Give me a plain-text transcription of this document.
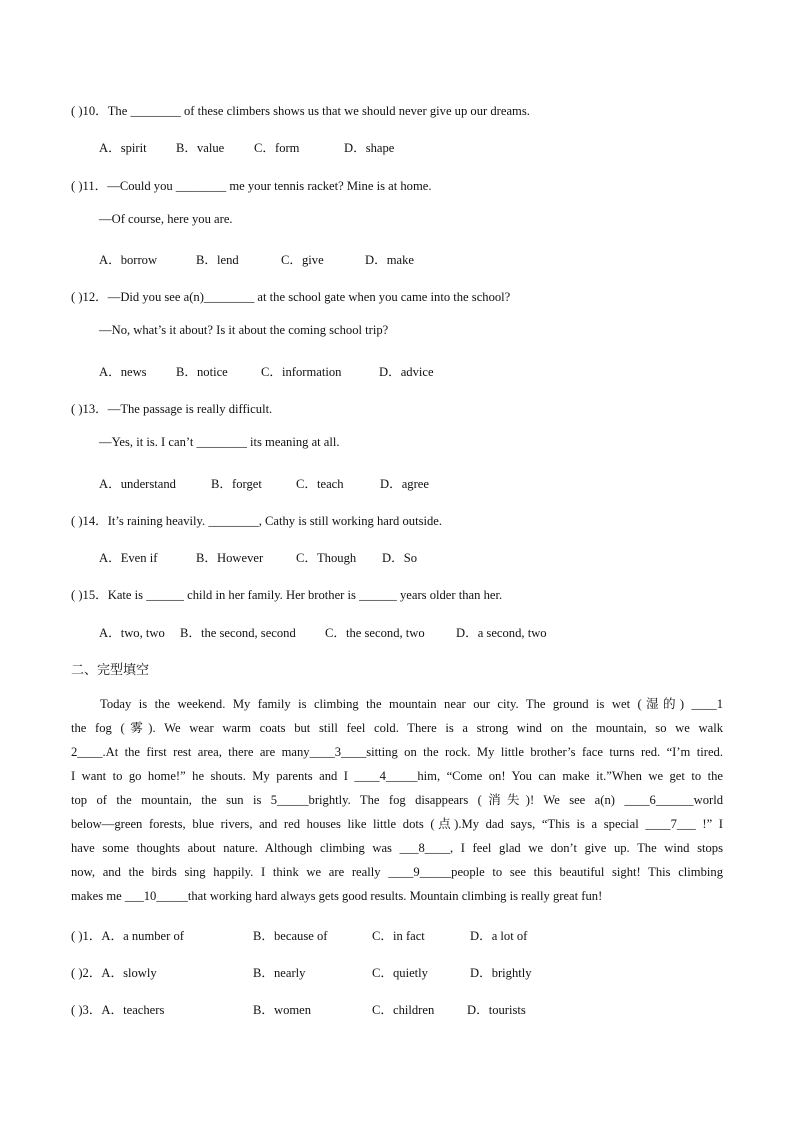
( )10．The ________ of these climbers shows us that we should never give up our dreams.
A．spirit B．value C．form	D．shape
( )11．—Could you ________ me your tennis racket? Mine is at home.
—Of course, here you are.
A．borrow	B．lend	C．give	D．make
( )12．—Did you see a(n)________ at the school gate when you came into the school?
—No, what’s it about? Is it about the coming school trip?
A．news B．notice	C．information	D．advice
( )13．—The passage is really difficult.
—Yes, it is. I can’t ________ its meaning at all.
A．understand	B．forget	C．teach	D．agree
( )14．It’s raining heavily. ________, Cathy is still working hard outside.
A．Even if	B．However	C．Though D．So
( )15．Kate is ______ child in her family. Her brother is ______ years older than her.
A．two, two B．the second, second C．the second, two D．a second, two
二、完型填空
Today is the weekend. My family is climbing the mountain near our city. The ground is wet (湿的) ____1
the fog (雾). We wear warm coats but still feel cold. There is a strong wind on the mountain, so we walk
2____.At the first rest area, there are many____3____sitting on the rock. My little brother’s face turns red. “I’m tired.
I want to go home!” he shouts. My parents and I ____4_____him, “Come on! You can make it.”When we get to the
top of the mountain, the sun is 5_____brightly. The fog disappears (消失)! We see a(n) ____6______world
below—green forests, blue rivers, and red houses like little dots (点).My dad says, “This is a special ____7___ !” I
have some thoughts about nature. Although climbing was ___8____, I feel glad we don’t give up. The wind stops
now, and the birds sing happily. I think we are really ____9_____people to see this beautiful sight! This climbing
makes me ___10_____that working hard always gets good results. Mountain climbing is really great fun!
( )1．A．a number of	B．because of	C．in fact	D．a lot of
( )2．A．slowly	B．nearly	C．quietly	D．brightly
( )3．A．teachers	B．women	C．children	D．tourists
